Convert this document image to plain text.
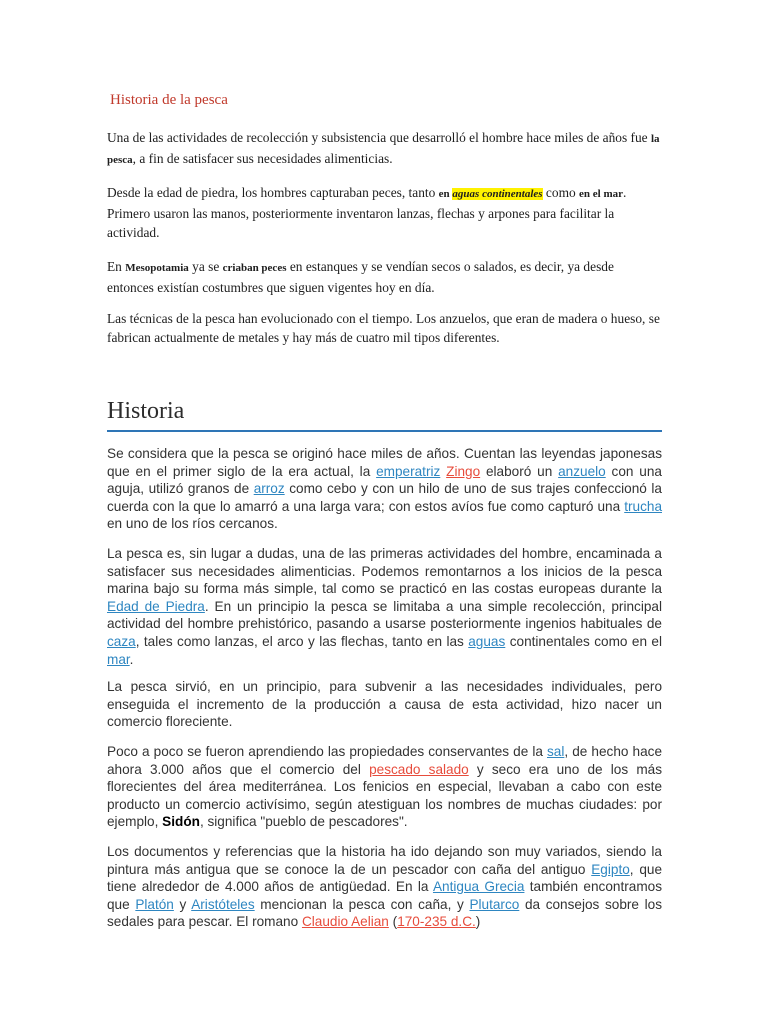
Historia de la pesca

Una de las actividades de recolección y subsistencia que desarrolló el hombre hace miles de años fue la pesca, a fin de satisfacer sus necesidades alimenticias.

Desde la edad de piedra, los hombres capturaban peces, tanto en aguas continentales como en el mar. Primero usaron las manos, posteriormente inventaron lanzas, flechas y arpones para facilitar la actividad.

En Mesopotamia ya se criaban peces en estanques y se vendían secos o salados, es decir, ya desde entonces existían costumbres que siguen vigentes hoy en día.

Las técnicas de la pesca han evolucionado con el tiempo. Los anzuelos, que eran de madera o hueso, se fabrican actualmente de metales y hay más de cuatro mil tipos diferentes.

Historia

Se considera que la pesca se originó hace miles de años. Cuentan las leyendas japonesas que en el primer siglo de la era actual, la emperatriz Zingo elaboró un anzuelo con una aguja, utilizó granos de arroz como cebo y con un hilo de uno de sus trajes confeccionó la cuerda con la que lo amarró a una larga vara; con estos avíos fue como capturó una trucha en uno de los ríos cercanos.

La pesca es, sin lugar a dudas, una de las primeras actividades del hombre, encaminada a satisfacer sus necesidades alimenticias. Podemos remontarnos a los inicios de la pesca marina bajo su forma más simple, tal como se practicó en las costas europeas durante la Edad de Piedra. En un principio la pesca se limitaba a una simple recolección, principal actividad del hombre prehistórico, pasando a usarse posteriormente ingenios habituales de caza, tales como lanzas, el arco y las flechas, tanto en las aguas continentales como en el mar.

La pesca sirvió, en un principio, para subvenir a las necesidades individuales, pero enseguida el incremento de la producción a causa de esta actividad, hizo nacer un comercio floreciente.

Poco a poco se fueron aprendiendo las propiedades conservantes de la sal, de hecho hace ahora 3.000 años que el comercio del pescado salado y seco era uno de los más florecientes del área mediterránea. Los fenicios en especial, llevaban a cabo con este producto un comercio activísimo, según atestiguan los nombres de muchas ciudades: por ejemplo, Sidón, significa "pueblo de pescadores".

Los documentos y referencias que la historia ha ido dejando son muy variados, siendo la pintura más antigua que se conoce la de un pescador con caña del antiguo Egipto, que tiene alrededor de 4.000 años de antigüedad. En la Antigua Grecia también encontramos que Platón y Aristóteles mencionan la pesca con caña, y Plutarco da consejos sobre los sedales para pescar. El romano Claudio Aelian (170-235 d.C.)
